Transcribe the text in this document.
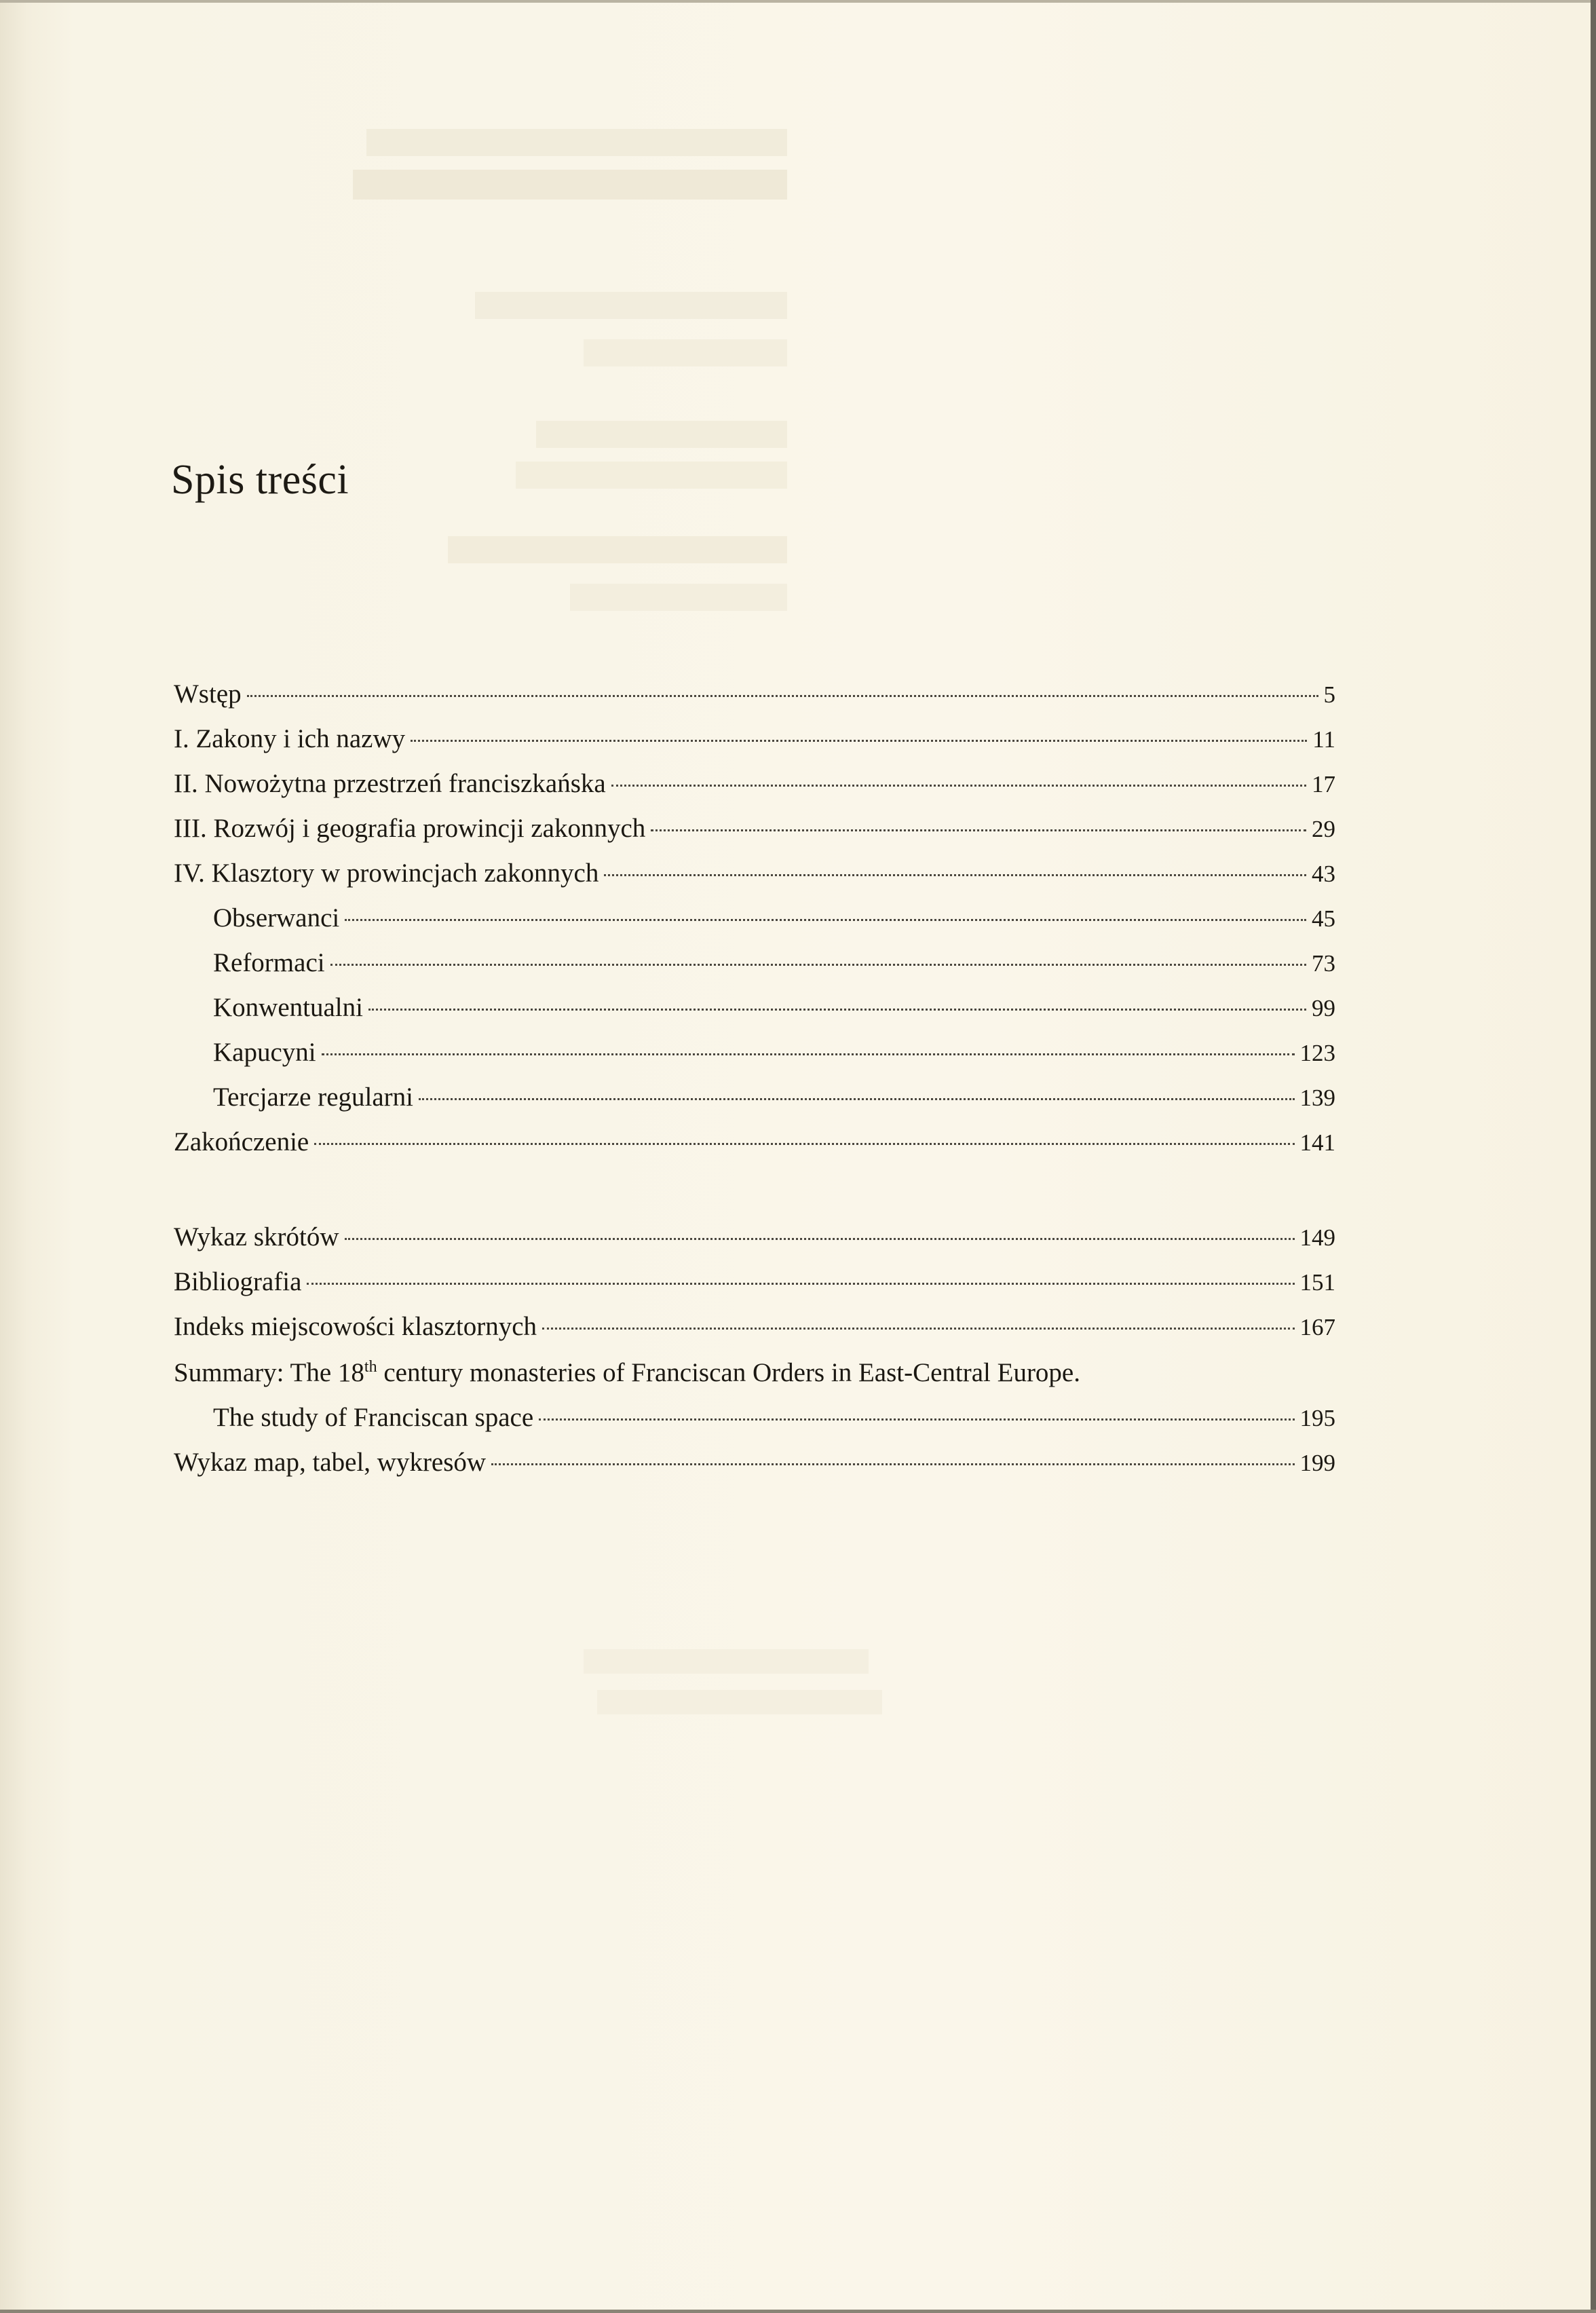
Spis treści
Wstęp	5
I. Zakony i ich nazwy	11
II. Nowożytna przestrzeń franciszkańska	17
III. Rozwój i geografia prowincji zakonnych	29
IV. Klasztory w prowincjach zakonnych	43
Obserwanci	45
Reformaci	73
Konwentualni	99
Kapucyni	123
Tercjarze regularni	139
Zakończenie	141
Wykaz skrótów	149
Bibliografia	151
Indeks miejscowości klasztornych	167
Summary: The 18th century monasteries of Franciscan Orders in East-Central Europe.
The study of Franciscan space	195
Wykaz map, tabel, wykresów	199
